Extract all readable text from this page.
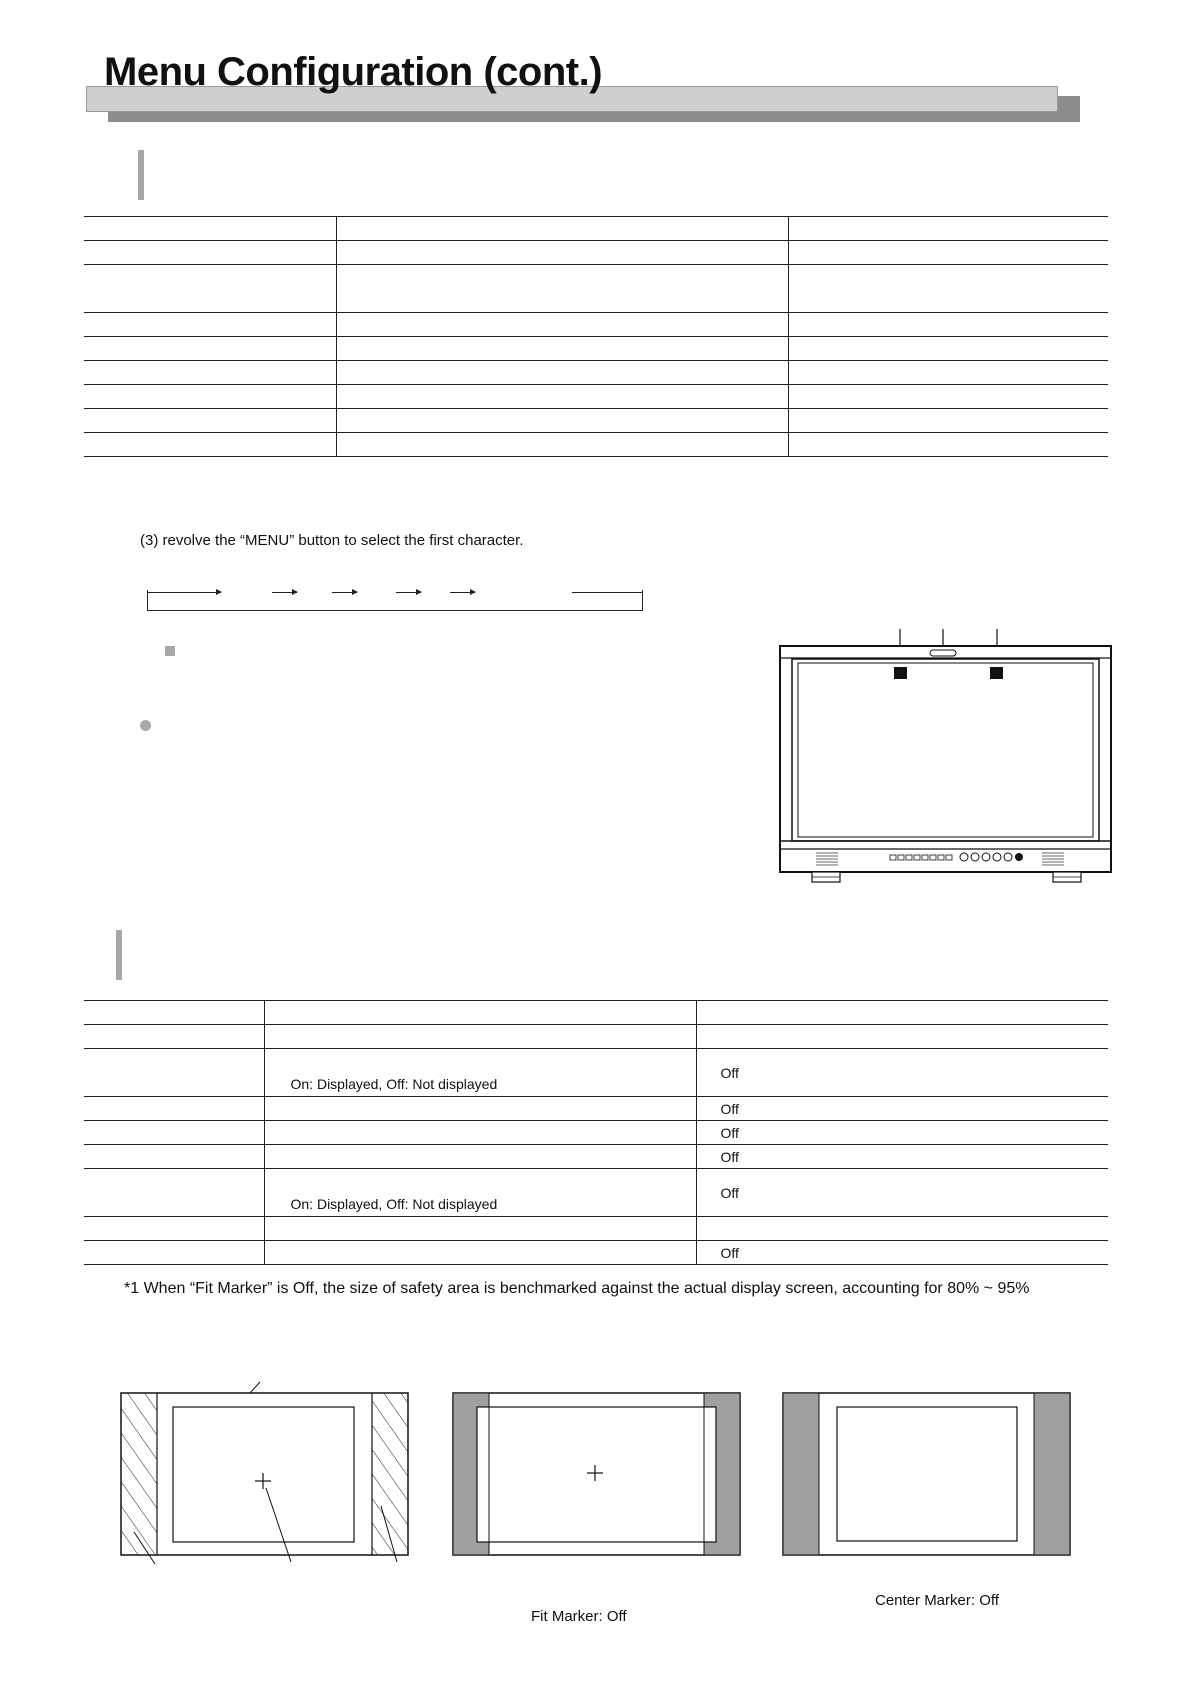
Menu Configuration (cont.)

(3) revolve the “MENU” button to select the first character.

	On: Displayed, Off: Not displayed	Off
		Off
		Off
		Off

	On: Displayed, Off: Not displayed	Off

		Off
*1 When “Fit Marker” is Off, the size of safety area is benchmarked against the actual display screen, accounting for 80% ~ 95%
Fit Marker: Off
Center Marker: Off
